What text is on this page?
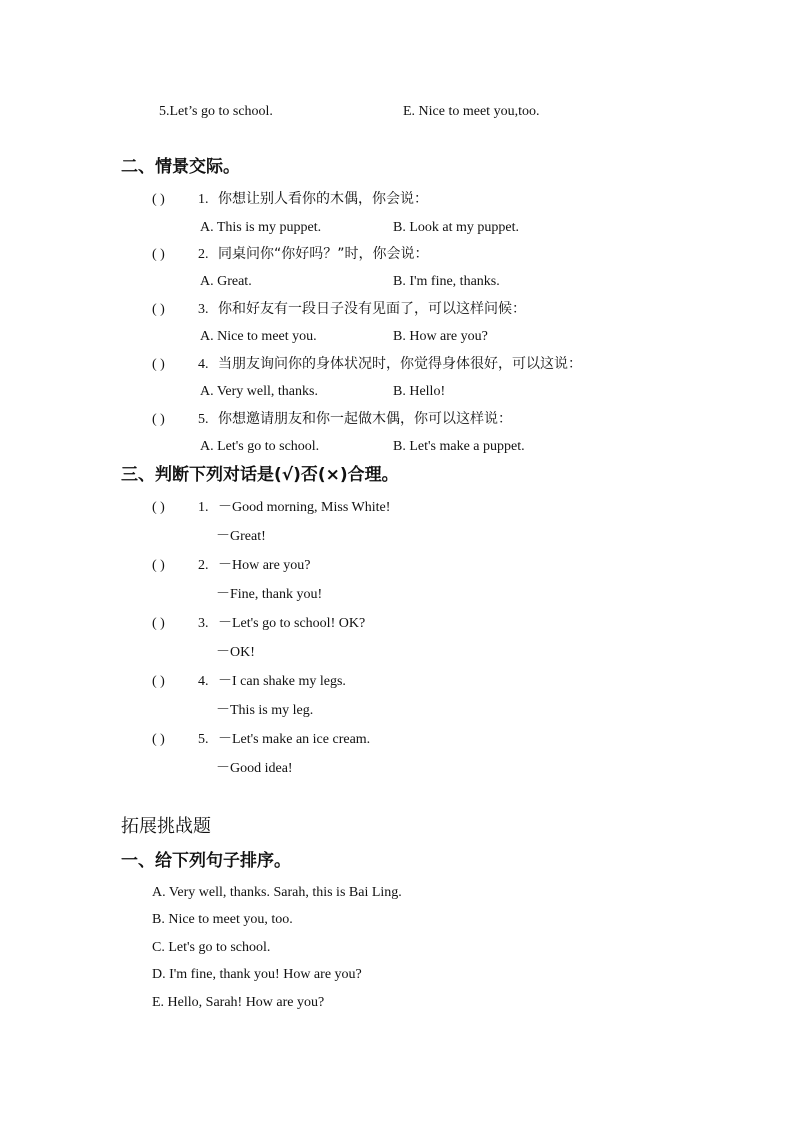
5.Let’s go to school.	E. Nice to meet you,too.
二、情景交际。
( ) 1. 你想让别人看你的木偶，你会说：
A. This is my puppet.	B. Look at my puppet.
( ) 2. 同桌问你“你好吗？”时，你会说：
A. Great.	B. I'm fine, thanks.
( ) 3. 你和好友有一段日子没有见面了，可以这样问候：
A. Nice to meet you.	B. How are you?
( ) 4. 当朋友询问你的身体状况时，你觉得身体很好，可以这说：
A. Very well, thanks.	B. Hello!
( ) 5. 你想邀请朋友和你一起做木偶，你可以这样说：
A. Let's go to school.	B. Let's make a puppet.
三、判断下列对话是(√)否(×)合理。
( ) 1. －Good morning, Miss White!
－Great!
( ) 2. －How are you?
－Fine, thank you!
( ) 3. －Let's go to school! OK?
－OK!
( ) 4. －I can shake my legs.
－This is my leg.
( ) 5. －Let's make an ice cream.
－Good idea!
拓展挑战题
一、给下列句子排序。
A. Very well, thanks. Sarah, this is Bai Ling.
B. Nice to meet you, too.
C. Let's go to school.
D. I'm fine, thank you! How are you?
E. Hello, Sarah! How are you?
